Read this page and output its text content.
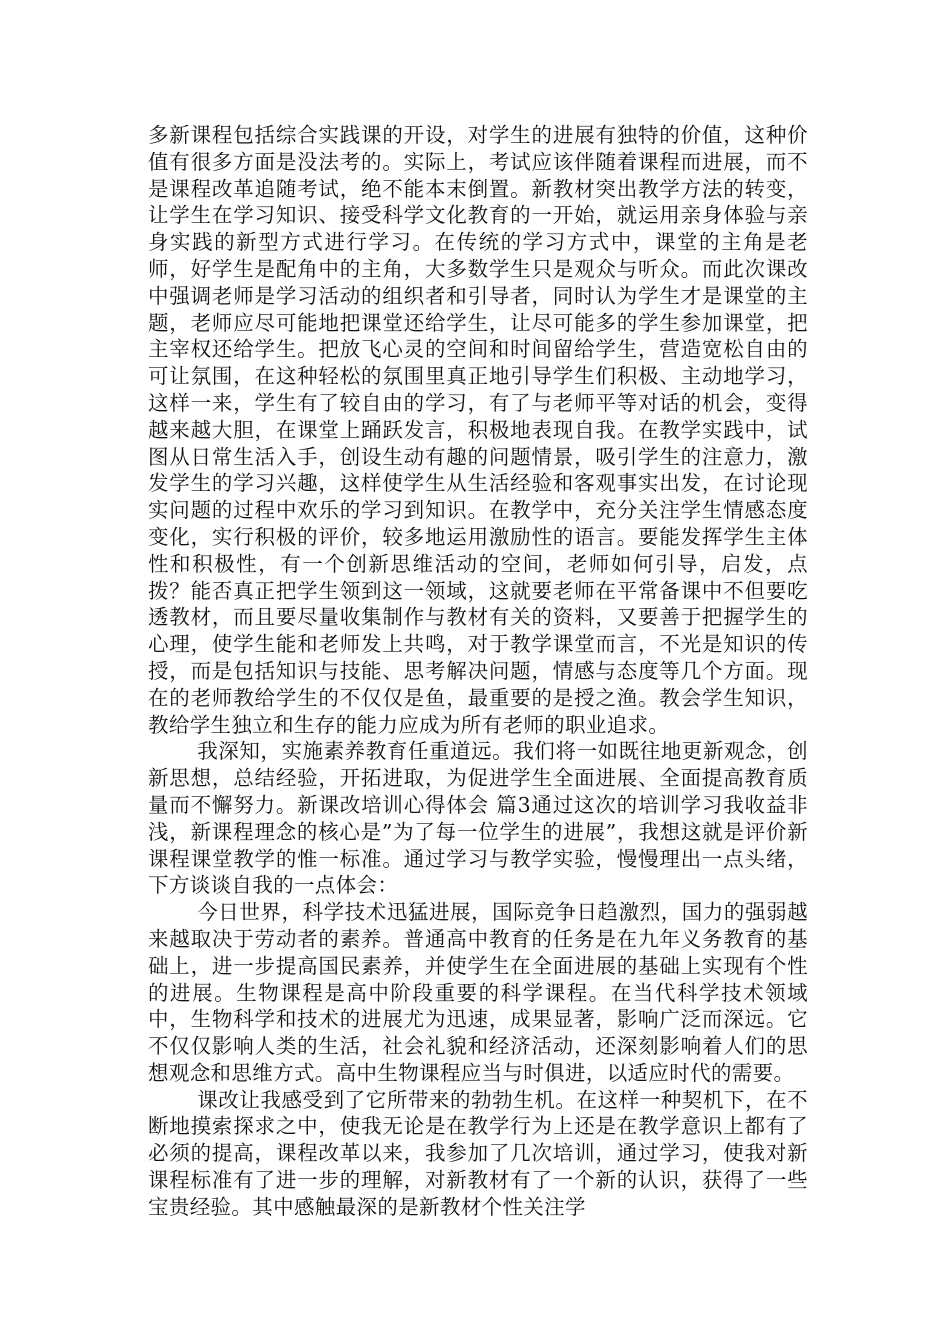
多新课程包括综合实践课的开设，对学生的进展有独特的价值，这种价值有很多方面是没法考的。实际上，考试应该伴随着课程而进展，而不是课程改革追随考试，绝不能本末倒置。新教材突出教学方法的转变，让学生在学习知识、接受科学文化教育的一开始，就运用亲身体验与亲身实践的新型方式进行学习。在传统的学习方式中，课堂的主角是老师，好学生是配角中的主角，大多数学生只是观众与听众。而此次课改中强调老师是学习活动的组织者和引导者，同时认为学生才是课堂的主题，老师应尽可能地把课堂还给学生，让尽可能多的学生参加课堂，把主宰权还给学生。把放飞心灵的空间和时间留给学生，营造宽松自由的可让氛围，在这种轻松的氛围里真正地引导学生们积极、主动地学习，这样一来，学生有了较自由的学习，有了与老师平等对话的机会，变得越来越大胆，在课堂上踊跃发言，积极地表现自我。在教学实践中，试图从日常生活入手，创设生动有趣的问题情景，吸引学生的注意力，激发学生的学习兴趣，这样使学生从生活经验和客观事实出发，在讨论现实问题的过程中欢乐的学习到知识。在教学中，充分关注学生情感态度变化，实行积极的评价，较多地运用激励性的语言。要能发挥学生主体性和积极性，有一个创新思维活动的空间，老师如何引导，启发，点拨？能否真正把学生领到这一领域，这就要老师在平常备课中不但要吃透教材，而且要尽量收集制作与教材有关的资料，又要善于把握学生的心理，使学生能和老师发上共鸣，对于教学课堂而言，不光是知识的传授，而是包括知识与技能、思考解决问题，情感与态度等几个方面。现在的老师教给学生的不仅仅是鱼，最重要的是授之渔。教会学生知识，教给学生独立和生存的能力应成为所有老师的职业追求。

我深知，实施素养教育任重道远。我们将一如既往地更新观念，创新思想，总结经验，开拓进取，为促进学生全面进展、全面提高教育质量而不懈努力。新课改培训心得体会 篇3通过这次的培训学习我收益非浅，新课程理念的核心是”为了每一位学生的进展”，我想这就是评价新课程课堂教学的惟一标准。通过学习与教学实验，慢慢理出一点头绪，下方谈谈自我的一点体会：

今日世界，科学技术迅猛进展，国际竞争日趋激烈，国力的强弱越来越取决于劳动者的素养。普通高中教育的任务是在九年义务教育的基础上，进一步提高国民素养，并使学生在全面进展的基础上实现有个性的进展。生物课程是高中阶段重要的科学课程。在当代科学技术领域中，生物科学和技术的进展尤为迅速，成果显著，影响广泛而深远。它不仅仅影响人类的生活，社会礼貌和经济活动，还深刻影响着人们的思想观念和思维方式。高中生物课程应当与时俱进，以适应时代的需要。

课改让我感受到了它所带来的勃勃生机。在这样一种契机下，在不断地摸索探求之中，使我无论是在教学行为上还是在教学意识上都有了必须的提高，课程改革以来，我参加了几次培训，通过学习，使我对新课程标准有了进一步的理解，对新教材有了一个新的认识，获得了一些宝贵经验。其中感触最深的是新教材个性关注学
